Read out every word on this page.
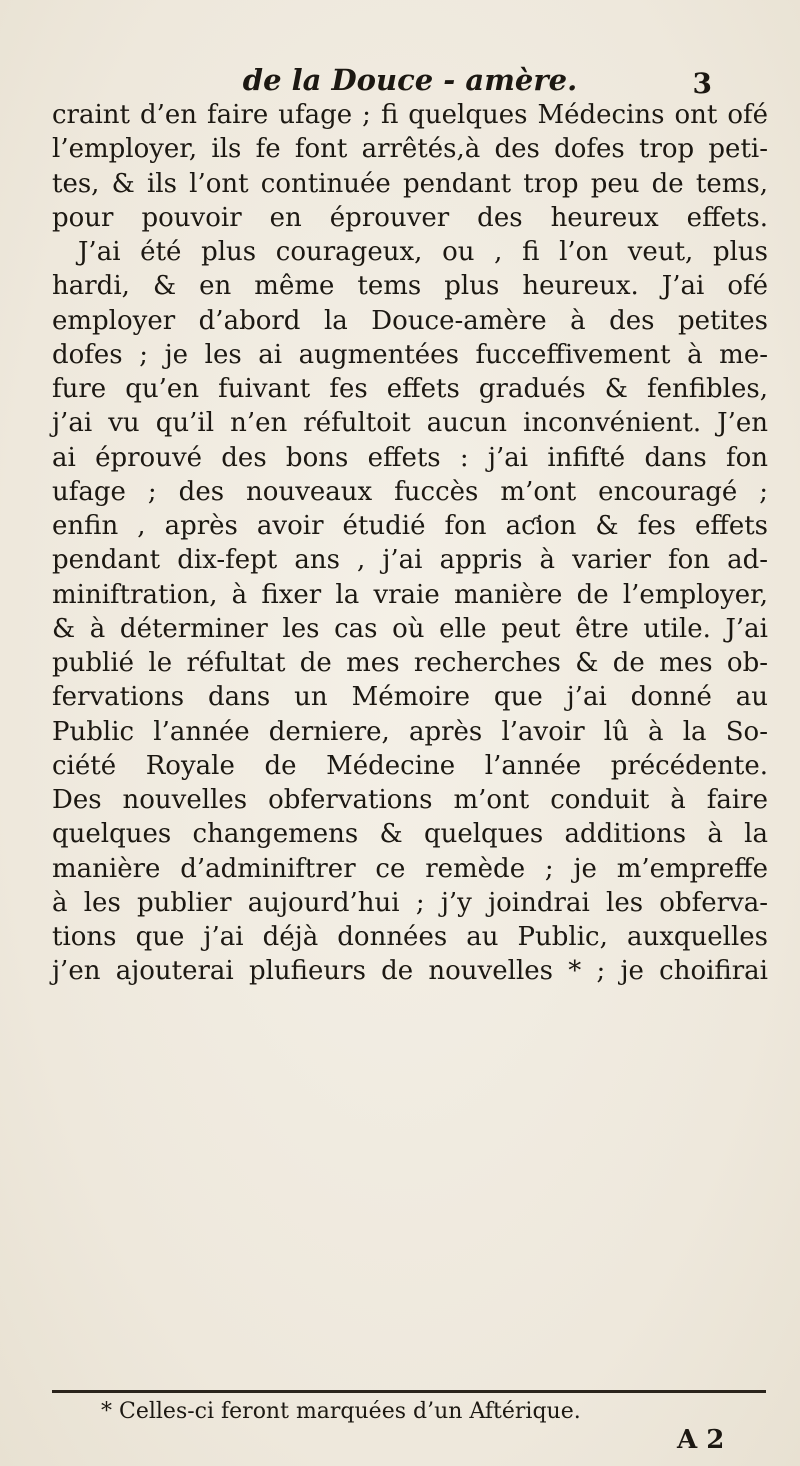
de la Douce - amère.	3
craint d’en faire ufage ; fi quelques Médecins ont ofé
l’employer, ils fe font arrêtés,à des dofes trop peti-
tes, & ils l’ont continuée pendant trop peu de tems,
pour pouvoir en éprouver des heureux effets.
J’ai été plus courageux, ou , fi l’on veut, plus
hardi, & en même tems plus heureux. J’ai ofé
employer d’abord la Douce-amère à des petites
dofes ; je les ai augmentées fucceffivement à me-
fure qu’en fuivant fes effets gradués & fenfibles,
j’ai vu qu’il n’en réfultoit aucun inconvénient. J’en
ai éprouvé des bons effets : j’ai infifté dans fon
ufage ; des nouveaux fuccès m’ont encouragé ;
enfin , après avoir étudié fon aƈion & fes effets
pendant dix-fept ans , j’ai appris à varier fon ad-
miniftration, à fixer la vraie manière de l’employer,
& à déterminer les cas où elle peut être utile. J’ai
publié le réfultat de mes recherches & de mes ob-
fervations dans un Mémoire que j’ai donné au
Public l’année derniere, après l’avoir lû à la So-
ciété Royale de Médecine l’année précédente.
Des nouvelles obfervations m’ont conduit à faire
quelques changemens & quelques additions à la
manière d’adminiftrer ce remède ; je m’empreffe
à les publier aujourd’hui ; j’y joindrai les obferva-
tions que j’ai déjà données au Public, auxquelles
j’en ajouterai plufieurs de nouvelles * ; je choifirai
* Celles-ci feront marquées d’un Aftérique.
A 2
